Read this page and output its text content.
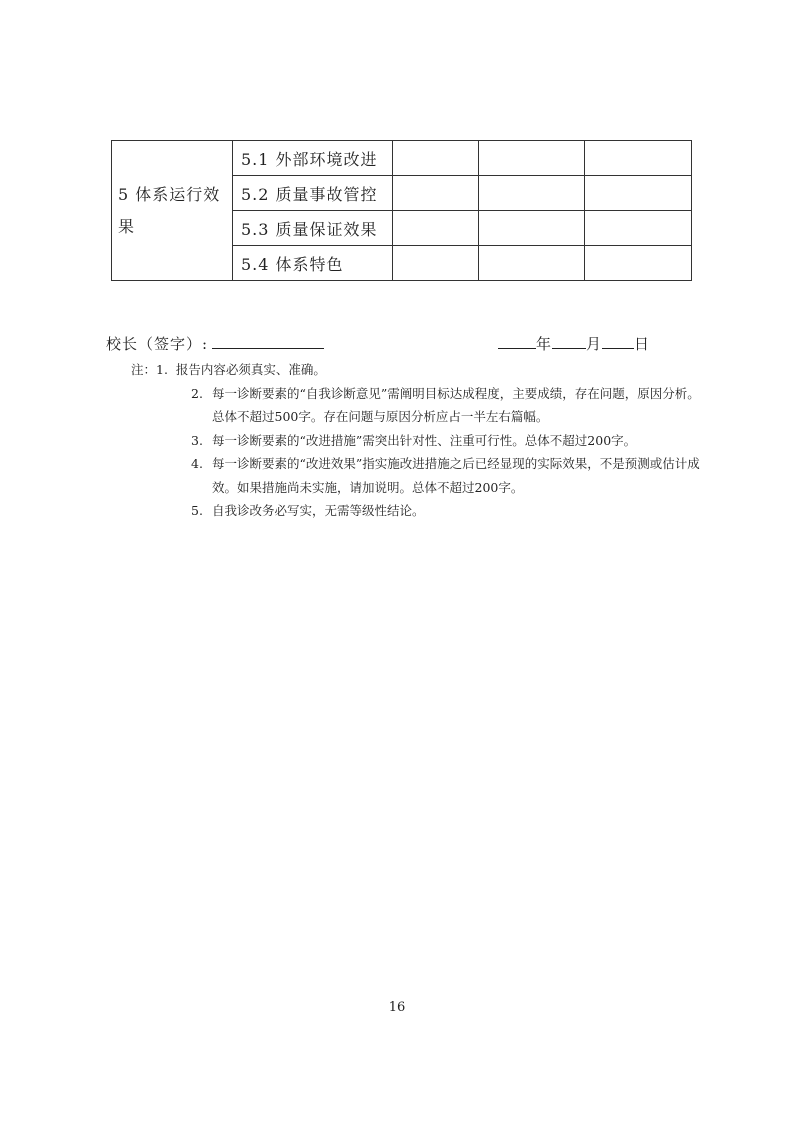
5 体系运行效果	5.1 外部环境改进			
	5.2 质量事故管控			
	5.3 质量保证效果			
	5.4 体系特色			
校长（签字）:	年 月 日
注：1. 报告内容必须真实、准确。
2. 每一诊断要素的“自我诊断意见”需阐明目标达成程度，主要成绩，存在问题，原因分析。总体不超过500字。存在问题与原因分析应占一半左右篇幅。
3. 每一诊断要素的“改进措施”需突出针对性、注重可行性。总体不超过200字。
4. 每一诊断要素的“改进效果”指实施改进措施之后已经显现的实际效果，不是预测或估计成效。如果措施尚未实施，请加说明。总体不超过200字。
5. 自我诊改务必写实，无需等级性结论。
16
